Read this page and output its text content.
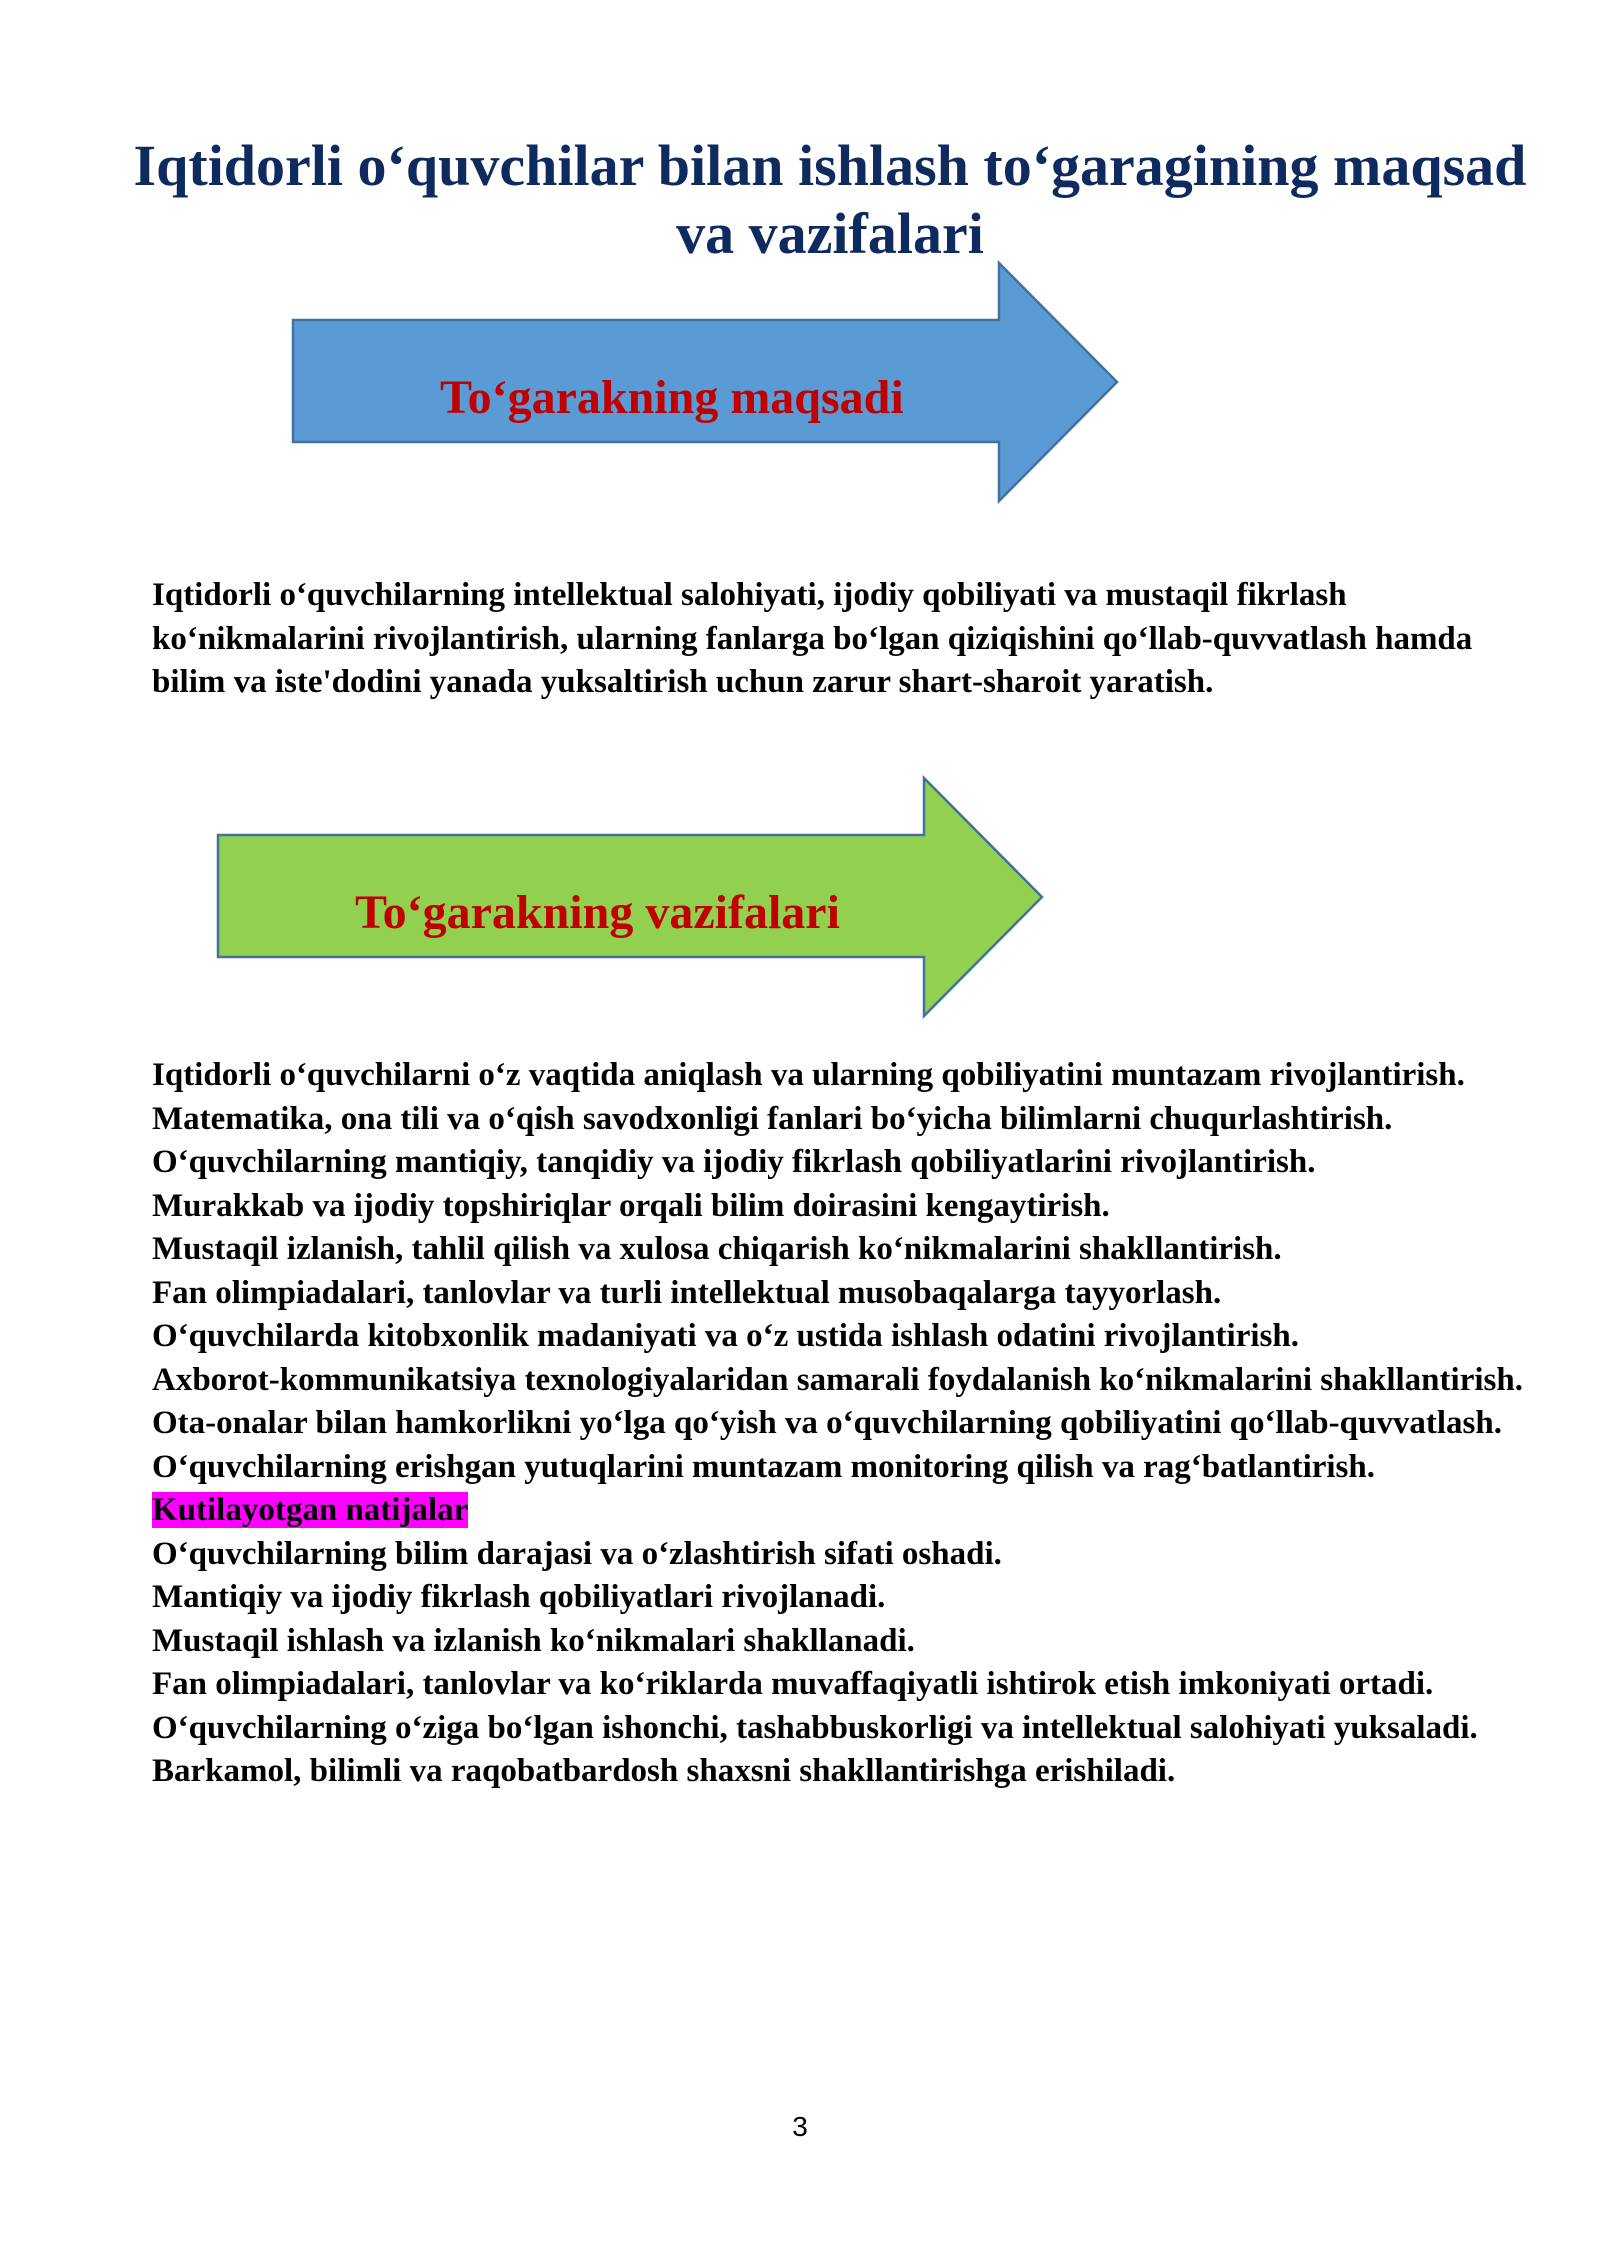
Iqtidorli o‘quvchilar bilan ishlash to‘garagining maqsad va vazifalari
To‘garakning maqsadi

Iqtidorli o‘quvchilarning intellektual salohiyati, ijodiy qobiliyati va mustaqil fikrlash ko‘nikmalarini rivojlantirish, ularning fanlarga bo‘lgan qiziqishini qo‘llab-quvvatlash hamda bilim va iste'dodini yanada yuksaltirish uchun zarur shart-sharoit yaratish.

To‘garakning vazifalari

Iqtidorli o‘quvchilarni o‘z vaqtida aniqlash va ularning qobiliyatini muntazam rivojlantirish.

Matematika, ona tili va o‘qish savodxonligi fanlari bo‘yicha bilimlarni chuqurlashtirish.

O‘quvchilarning mantiqiy, tanqidiy va ijodiy fikrlash qobiliyatlarini rivojlantirish.

Murakkab va ijodiy topshiriqlar orqali bilim doirasini kengaytirish.

Mustaqil izlanish, tahlil qilish va xulosa chiqarish ko‘nikmalarini shakllantirish.

Fan olimpiadalari, tanlovlar va turli intellektual musobaqalarga tayyorlash.

O‘quvchilarda kitobxonlik madaniyati va o‘z ustida ishlash odatini rivojlantirish.

Axborot-kommunikatsiya texnologiyalaridan samarali foydalanish ko‘nikmalarini shakllantirish.

Ota-onalar bilan hamkorlikni yo‘lga qo‘yish va o‘quvchilarning qobiliyatini qo‘llab-quvvatlash.

O‘quvchilarning erishgan yutuqlarini muntazam monitoring qilish va rag‘batlantirish.

Kutilayotgan natijalar

O‘quvchilarning bilim darajasi va o‘zlashtirish sifati oshadi.

Mantiqiy va ijodiy fikrlash qobiliyatlari rivojlanadi.

Mustaqil ishlash va izlanish ko‘nikmalari shakllanadi.

Fan olimpiadalari, tanlovlar va ko‘riklarda muvaffaqiyatli ishtirok etish imkoniyati ortadi.

O‘quvchilarning o‘ziga bo‘lgan ishonchi, tashabbuskorligi va intellektual salohiyati yuksaladi.

Barkamol, bilimli va raqobatbardosh shaxsni shakllantirishga erishiladi.

3
